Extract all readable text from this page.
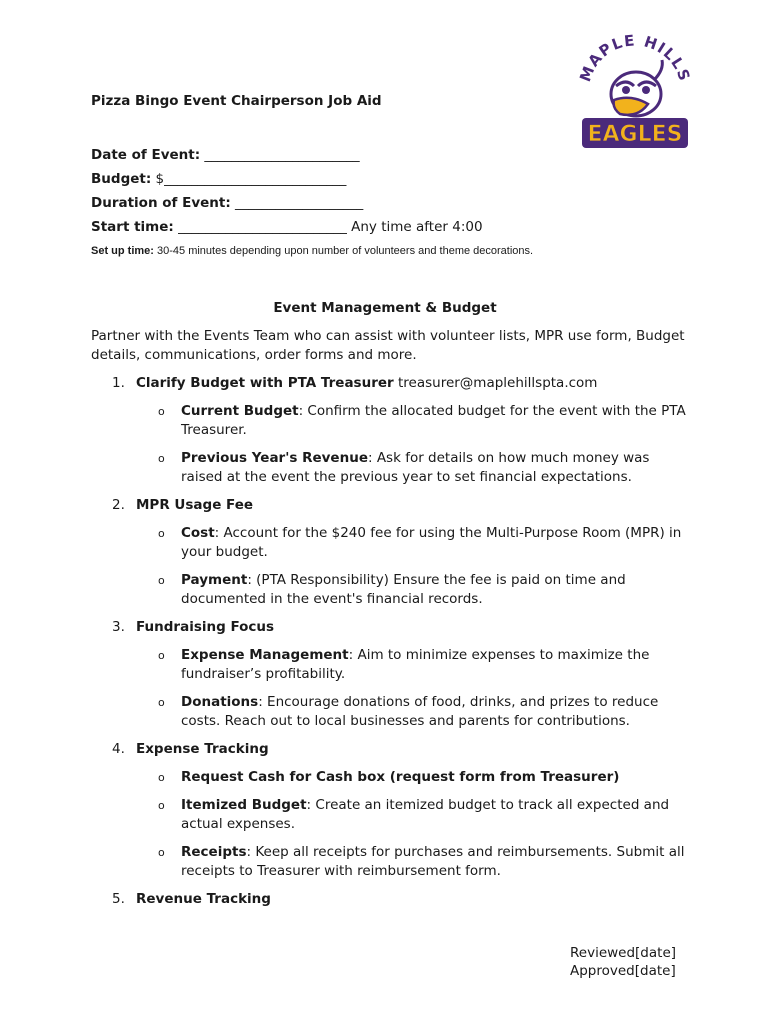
MAPLE HILLS
EAGLES
Pizza Bingo Event Chairperson Job Aid
Date of Event: _______________________
Budget: $___________________________
Duration of Event: ___________________
Start time: _________________________ Any time after 4:00
Set up time: 30-45 minutes depending upon number of volunteers and theme decorations.
Event Management & Budget
Partner with the Events Team who can assist with volunteer lists, MPR use form, Budget details, communications, order forms and more.
1. Clarify Budget with PTA Treasurer treasurer@maplehillspta.com
o Current Budget: Confirm the allocated budget for the event with the PTA Treasurer.
o Previous Year's Revenue: Ask for details on how much money was raised at the event the previous year to set financial expectations.
2. MPR Usage Fee
o Cost: Account for the $240 fee for using the Multi-Purpose Room (MPR) in your budget.
o Payment: (PTA Responsibility) Ensure the fee is paid on time and documented in the event's financial records.
3. Fundraising Focus
o Expense Management: Aim to minimize expenses to maximize the fundraiser’s profitability.
o Donations: Encourage donations of food, drinks, and prizes to reduce costs. Reach out to local businesses and parents for contributions.
4. Expense Tracking
o Request Cash for Cash box (request form from Treasurer)
o Itemized Budget: Create an itemized budget to track all expected and actual expenses.
o Receipts: Keep all receipts for purchases and reimbursements. Submit all receipts to Treasurer with reimbursement form.
5. Revenue Tracking
Reviewed[date]
Approved[date]
